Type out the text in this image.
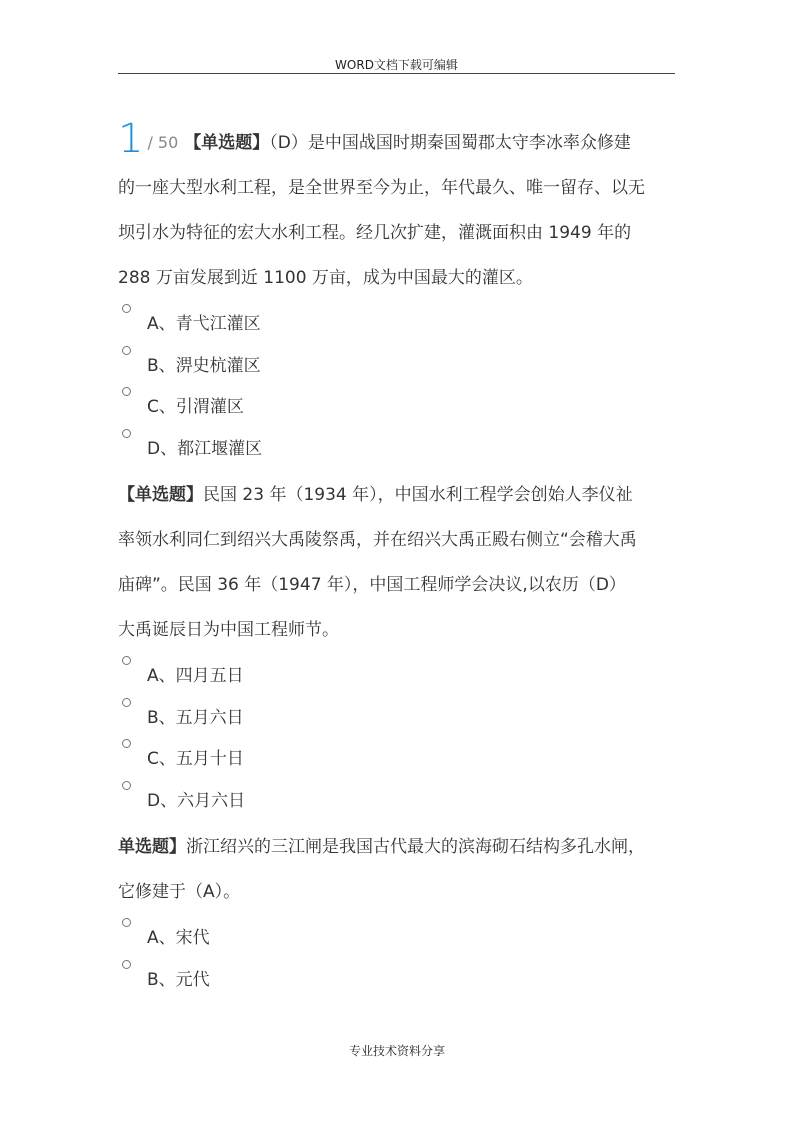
WORD文档下载可编辑
1 / 50 【单选题】（D）是中国战国时期秦国蜀郡太守李冰率众修建
的一座大型水利工程，是全世界至今为止，年代最久、唯一留存、以无
坝引水为特征的宏大水利工程。经几次扩建，灌溉面积由 1949 年的
288 万亩发展到近 1100 万亩，成为中国最大的灌区。
A、青弋江灌区
B、淠史杭灌区
C、引渭灌区
D、都江堰灌区
【单选题】民国 23 年（1934 年），中国水利工程学会创始人李仪祉
率领水利同仁到绍兴大禹陵祭禹，并在绍兴大禹正殿右侧立“会稽大禹
庙碑”。民国 36 年（1947 年），中国工程师学会决议,以农历（D）
大禹诞辰日为中国工程师节。
A、四月五日
B、五月六日
C、五月十日
D、六月六日
单选题】浙江绍兴的三江闸是我国古代最大的滨海砌石结构多孔水闸，
它修建于（A）。
A、宋代
B、元代
专业技术资料分享
